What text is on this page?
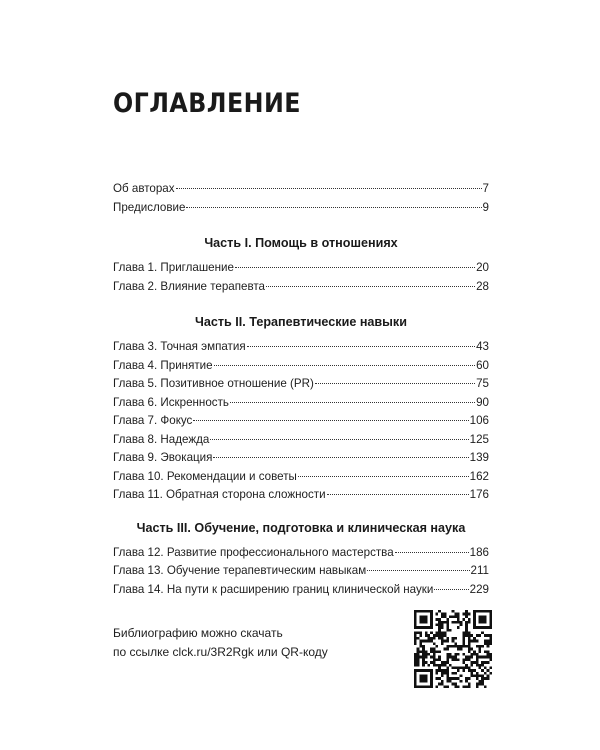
ОГЛАВЛЕНИЕ
Об авторах	7
Предисловие	9
Часть I. Помощь в отношениях
Глава 1. Приглашение	20
Глава 2. Влияние терапевта	28
Часть II. Терапевтические навыки
Глава 3. Точная эмпатия	43
Глава 4. Принятие	60
Глава 5. Позитивное отношение (PR)	75
Глава 6. Искренность	90
Глава 7. Фокус	106
Глава 8. Надежда	125
Глава 9. Эвокация	139
Глава 10. Рекомендации и советы	162
Глава 11. Обратная сторона сложности	176
Часть III. Обучение, подготовка и клиническая наука
Глава 12. Развитие профессионального мастерства	186
Глава 13. Обучение терапевтическим навыкам	211
Глава 14. На пути к расширению границ клинической науки	229
Библиографию можно скачать
по ссылке clck.ru/3R2Rgk или QR-коду
